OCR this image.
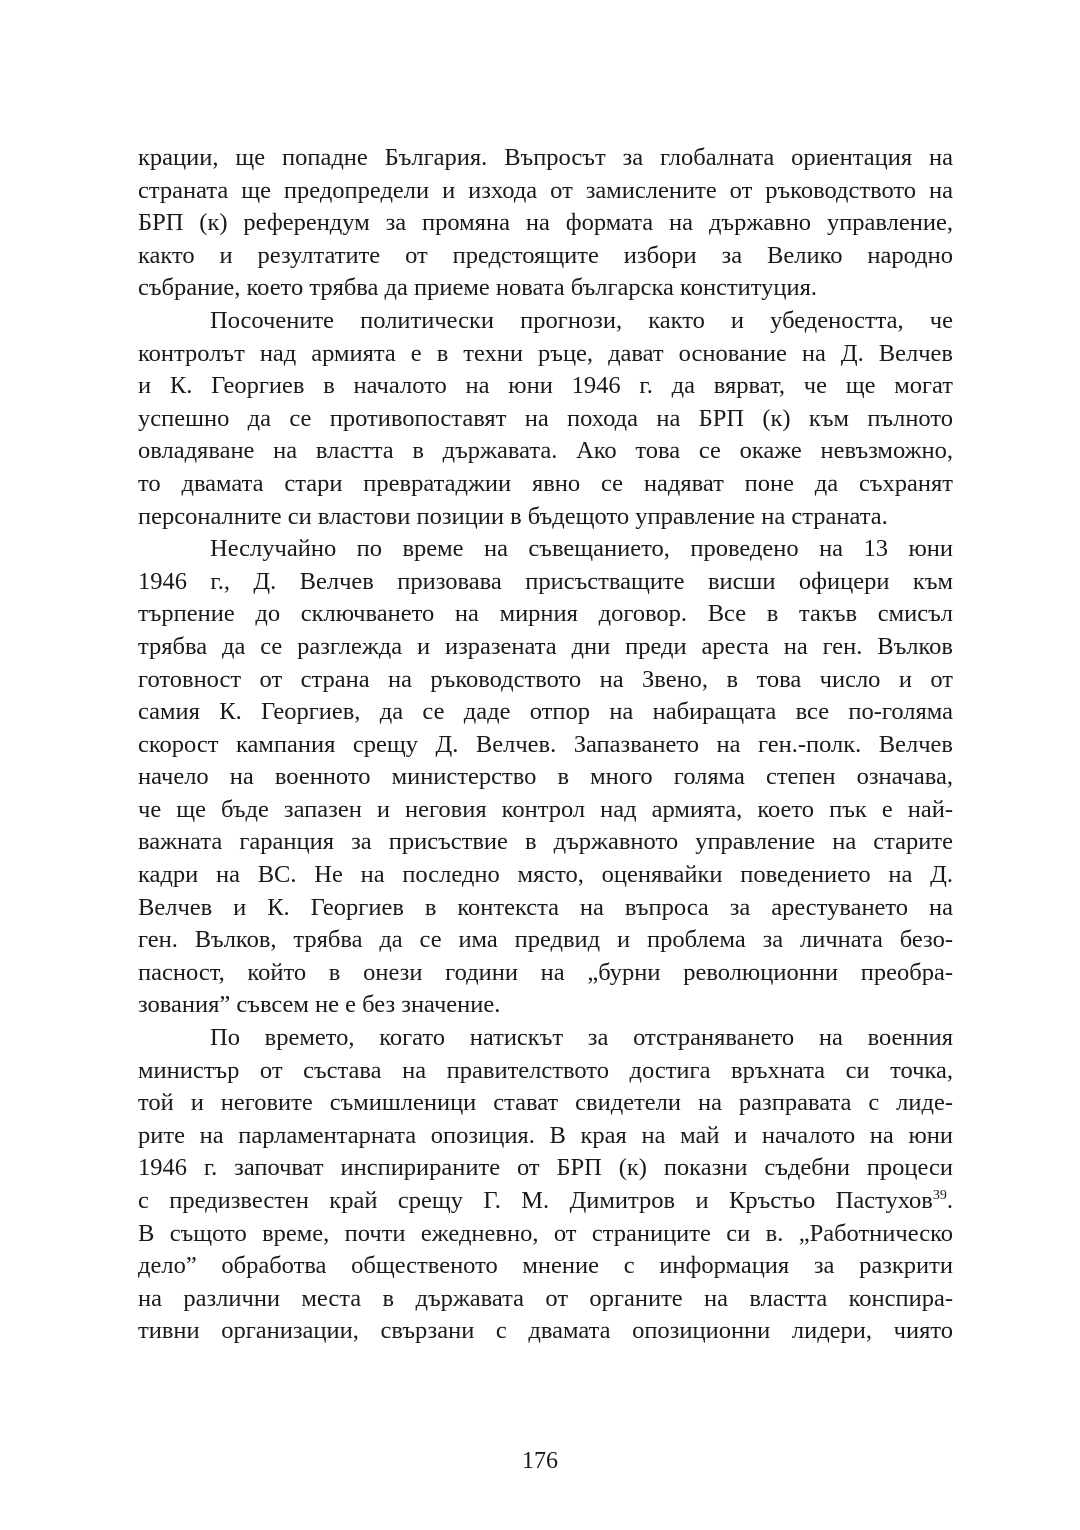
крации, ще попадне България. Въпросът за глобалната ориентация на
страната ще предопредели и изхода от замислените от ръководството на
БРП (к) референдум за промяна на формата на държавно управление,
както и резултатите от предстоящите избори за Велико народно
събрание, което трябва да приеме новата българска конституция.
Посочените политически прогнози, както и убедеността, че
контролът над армията е в техни ръце, дават основание на Д. Велчев
и К. Георгиев в началото на юни 1946 г. да вярват, че ще могат
успешно да се противопоставят на похода на БРП (к) към пълното
овладяване на властта в държавата. Ако това се окаже невъзможно,
то двамата стари превратаджии явно се надяват поне да съхранят
персоналните си властови позиции в бъдещото управление на страната.
Неслучайно по време на съвещанието, проведено на 13 юни
1946 г., Д. Велчев призовава присъстващите висши офицери към
търпение до сключването на мирния договор. Все в такъв смисъл
трябва да се разглежда и изразената дни преди ареста на ген. Вълков
готовност от страна на ръководството на Звено, в това число и от
самия К. Георгиев, да се даде отпор на набиращата все по-голяма
скорост кампания срещу Д. Велчев. Запазването на ген.-полк. Велчев
начело на военното министерство в много голяма степен означава,
че ще бъде запазен и неговия контрол над армията, което пък е най-
важната гаранция за присъствие в държавното управление на старите
кадри на ВС. Не на последно място, оценявайки поведението на Д.
Велчев и К. Георгиев в контекста на въпроса за арестуването на
ген. Вълков, трябва да се има предвид и проблема за личната безо-
пасност, който в онези години на „бурни революционни преобра-
зования” съвсем не е без значение.
По времето, когато натискът за отстраняването на военния
министър от състава на правителството достига връхната си точка,
той и неговите съмишленици стават свидетели на разправата с лиде-
рите на парламентарната опозиция. В края на май и началото на юни
1946 г. започват инспирираните от БРП (к) показни съдебни процеси
с предизвестен край срещу Г. М. Димитров и Кръстьо Пастухов$^{39}$.
В същото време, почти ежедневно, от страниците си в. „Работническо
дело” обработва общественото мнение с информация за разкрити
на различни места в държавата от органите на властта конспира-
тивни организации, свързани с двамата опозиционни лидери, чиято
176
